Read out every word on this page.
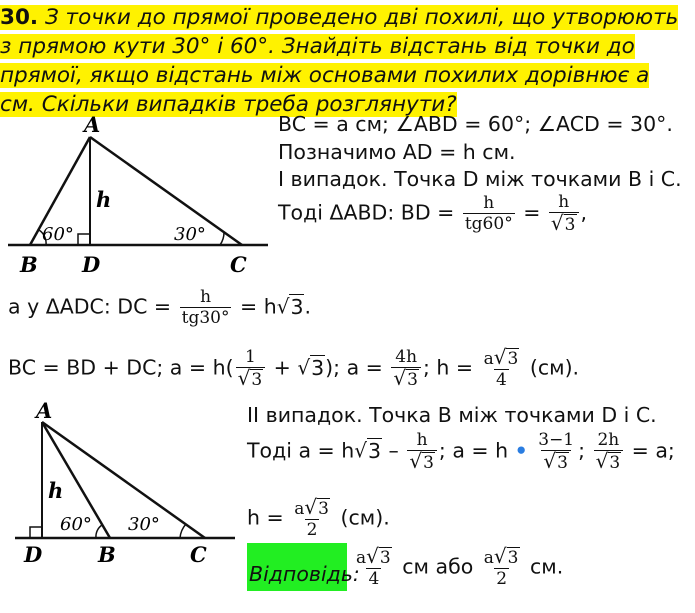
30. З точки до прямої проведено дві похилі, що утворюють з прямою кути 30° і 60°. Знайдіть відстань від точки до прямої, якщо відстань між основами похилих дорівнює a см. Скільки випадків треба розглянути?
A
B D	C
h
60°	30°
A
D	B	C
h
60° 30°
BC = a см; ∠ABD = 60°; ∠ACD = 30°.
Позначимо AD = h см.
І випадок. Точка D між точками B і C.
Тоді ΔABD: BD = $\frac{h}{tg60^\circ} = \frac{h}{√3}$ ,
a у ΔADC: DC = $\frac{h}{tg30^\circ} = h√3$.
BC = BD + DC; $a = h( \frac{1}{√3} + √3)$; $a = \frac{4h}{√3}$ ; $h = \frac{a√3}{4} (см)$.
ІІ випадок. Точка B між точками D і C.
Тоді $a = h√3 - \frac{h}{√3}$ ; a = h • $\frac{3-1}{√3}$ ; $\frac{2h}{√3} = a$;
$h = \frac{a√3}{2} (см)$.
Відповідь:
$\frac{a√3}{4}$ см або $\frac{a√3}{2}$ см.
